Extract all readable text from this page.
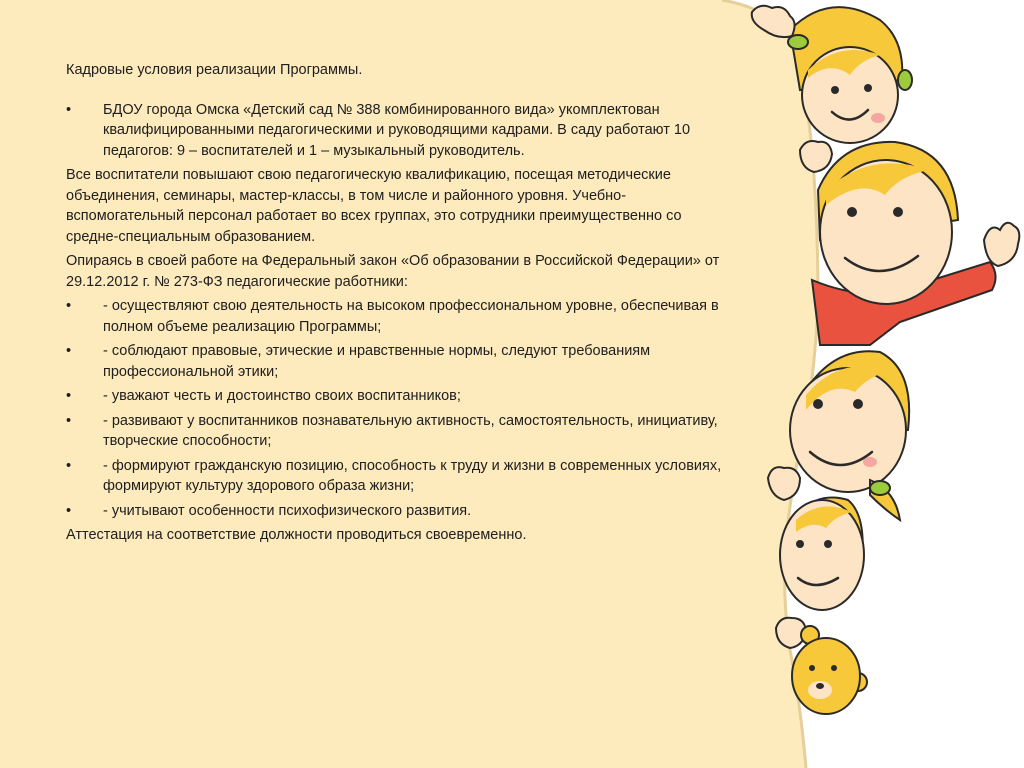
Кадровые условия реализации Программы.

•	БДОУ города Омска «Детский сад № 388 комбинированного вида» укомплектован квалифицированными педагогическими и руководящими кадрами. В саду работают 10 педагогов: 9 – воспитателей и 1 – музыкальный руководитель.

Все воспитатели повышают свою педагогическую квалификацию, посещая методические объединения, семинары, мастер-классы, в том числе и районного уровня. Учебно-вспомогательный персонал работает во всех группах, это сотрудники преимущественно со средне-специальным образованием.

Опираясь в своей работе на Федеральный закон «Об образовании в Российской Федерации» от 29.12.2012 г. № 273-ФЗ педагогические работники:

•	- осуществляют свою деятельность на высоком профессиональном уровне, обеспечивая в полном объеме реализацию Программы;
•	- соблюдают правовые, этические и нравственные нормы, следуют требованиям профессиональной этики;
•	- уважают честь и достоинство своих воспитанников;
•	- развивают у воспитанников познавательную активность, самостоятельность, инициативу, творческие способности;
•	- формируют гражданскую позицию, способность к труду и жизни в современных условиях, формируют культуру здорового образа жизни;
•	- учитывают особенности психофизического развития.

Аттестация на соответствие должности проводиться своевременно.
